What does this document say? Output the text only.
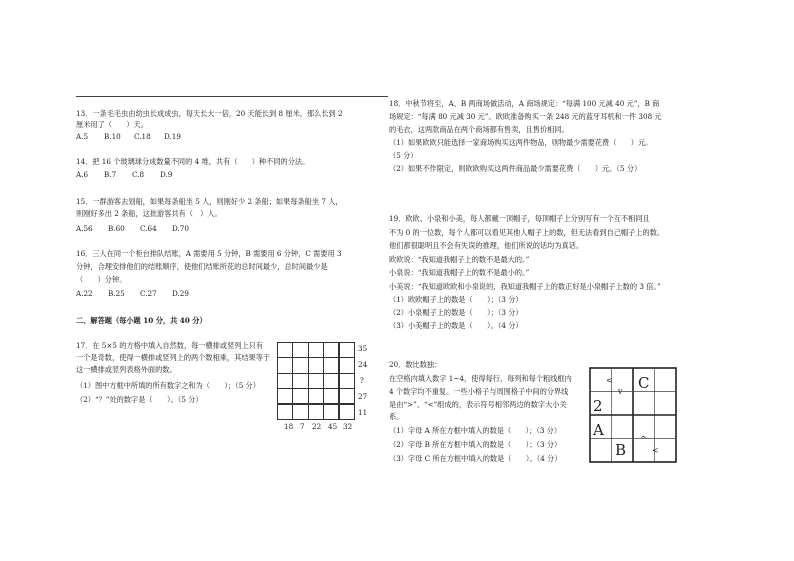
13．一条毛毛虫由幼虫长成成虫，每天长大一倍，20 天能长到 8 厘米，那么长到 2
厘米用了（　　）天。
A.5 B.10 C.18 D.19
14．把 16 个玻璃球分成数量不同的 4 堆，共有（　　）种不同的分法。
A.6 B.7 C.8 D.9
15．一群游客去划船，如果每条船坐 5 人，则刚好少 2 条船；如果每条船坐 7 人，
则刚好多出 2 条船，这批游客共有（　）人。
A.56 B.60 C.64 D.70
16．三人在同一个柜台排队结账，A 需要用 5 分钟，B 需要用 6 分钟，C 需要用 3
分钟，合理安排他们的结账顺序，使他们结账所花的总时间最少，总时间最少是
（　　）分钟。
A.22 B.25 C.27 D.29
二、解答题（每小题 10 分，共 40 分）
17．在 5×5 的方格中填入自然数，每一横排或竖列上只有
一个是奇数，使得一横排或竖列上的两个数相乘，其结果等于
这一横排或竖列表格外面的数。
（1）图中方框中所填的所有数字之和为（　　）；（5 分）
（2）“？”处的数字是（　　）。（5 分）
35
24
?
27
11
18 7 22 45 32
18．中秋节将至，A、B 两商场做活动，A 商场规定：“每满 100 元减 40 元”，B 商
场规定：“每满 80 元减 30 元”。欧欧准备购买一条 248 元的蓝牙耳机和一件 308 元
的毛衣，这两款商品在两个商场都有售卖，且售价相同。
（1）如果欧欧只能选择一家商场购买这两件物品，则物最少需要花费（　　）元。
（5 分）
（2）如果不作限定，则欧欧购买这两件商品最少需要花费（　　）元。（5 分）
19．欧欧、小泉和小美，每人都戴一顶帽子，每顶帽子上分别写有一个互不相同且
不为 0 的一位数，每个人都可以看见其他人帽子上的数，但无法看到自己帽子上的数。
他们都很聪明且不会有失误的推理，他们所说的话均为真话。
欧欧说：“我知道我帽子上的数不是最大的。”
小泉说：“我知道我帽子上的数不是最小的。”
小美说：“我知道欧欧和小泉说的，我知道我帽子上的数正好是小泉帽子上数的 3 倍。”
（1）欧欧帽子上的数是（　　）；（3 分）
（2）小泉帽子上的数是（　　）；（3 分）
（3）小美帽子上的数是（　　）。（4 分）
20．数比数独：
在空格内填入数字 1~4，使得每行、每列和每个粗线框内
4 个数字均不重复。一些小格子与周围格子中间的分界线
是由“>”、“<”组成的，表示符号相邻两边的数字大小关
系。
（1）字母 A 所在方框中填入的数是（　　）；（3 分）
（2）字母 B 所在方框中填入的数是（　　）；（3 分）
（3）字母 C 所在方框中填入的数是（　　）。（4 分）
C
2
A
B
<
v
^
<
